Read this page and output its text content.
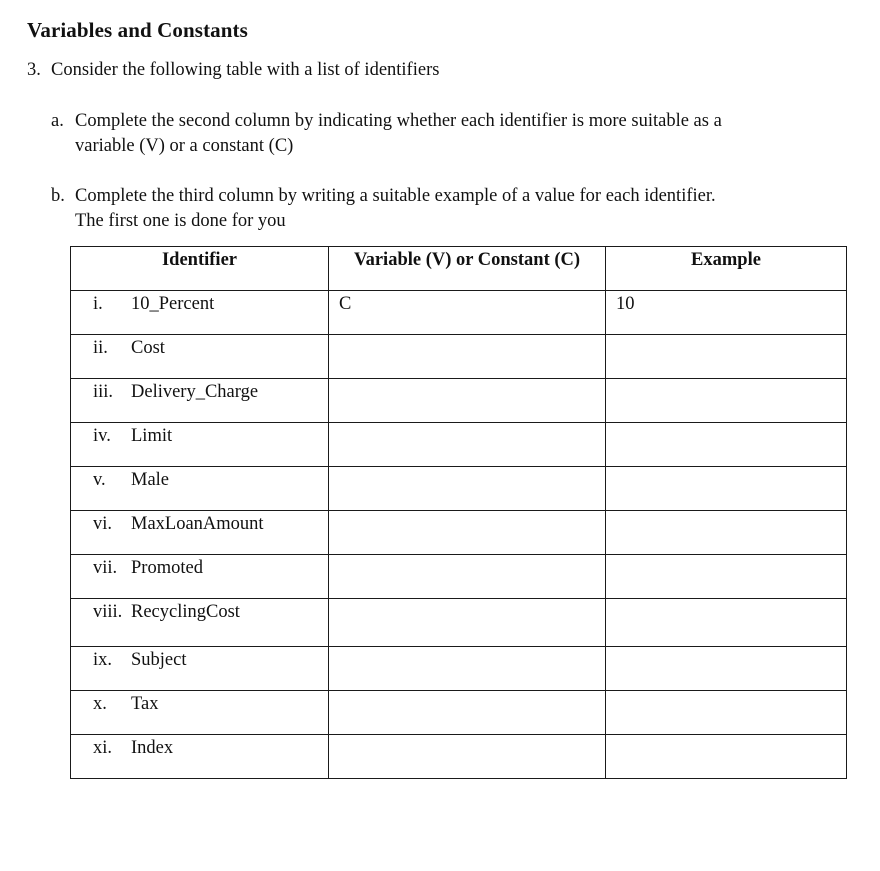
Variables and Constants
3. Consider the following table with a list of identifiers
a. Complete the second column by indicating whether each identifier is more suitable as a
variable (V) or a constant (C)
b. Complete the third column by writing a suitable example of a value for each identifier.
The first one is done for you
Identifier	Variable (V) or Constant (C)	Example

i. 10_Percent	C	10

ii. Cost		

iii. Delivery_Charge		

iv. Limit		

v. Male		

vi. MaxLoanAmount		

vii. Promoted		

viii. RecyclingCost		

ix. Subject		

x. Tax		

xi. Index		
